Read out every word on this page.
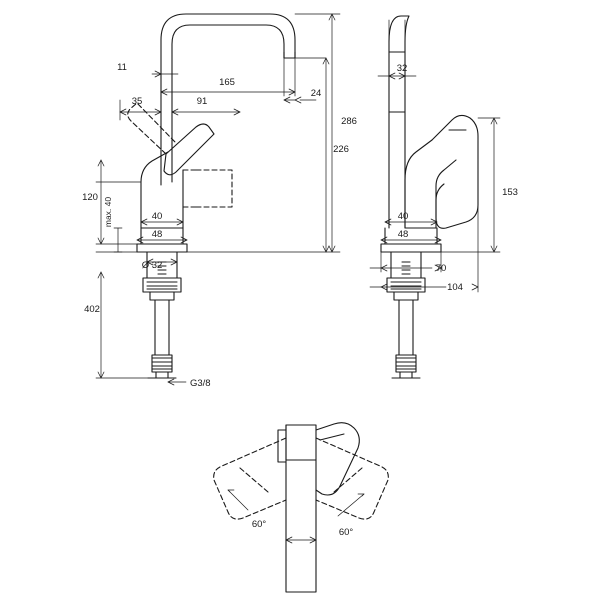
11
165
24
35	91
286
226
120 max. 40	40
48
Ø 32
402
G3/8
32
153
40
48
70
104
60°
60°
